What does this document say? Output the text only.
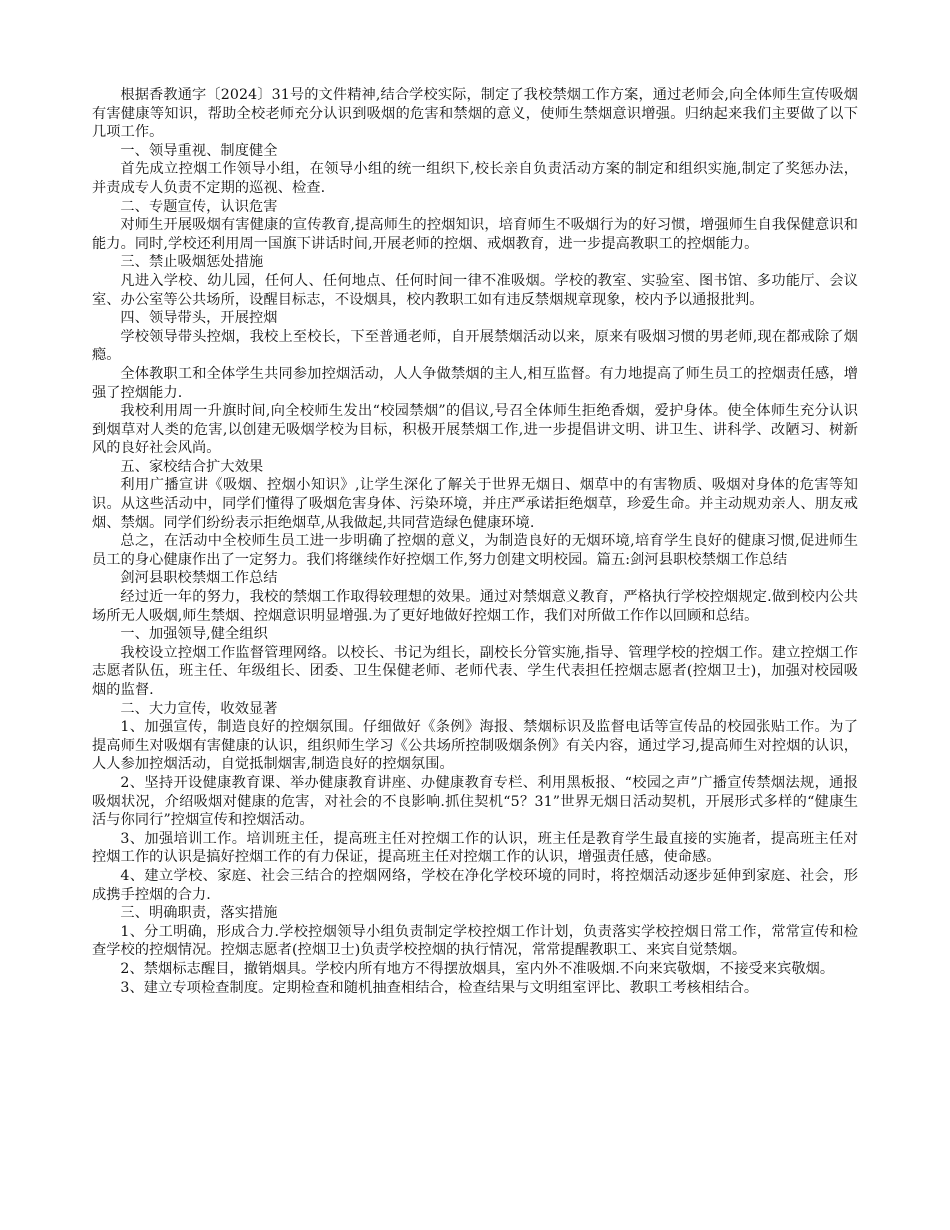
根据香教通字〔2024〕31号的文件精神,结合学校实际，制定了我校禁烟工作方案，通过老师会,向全体师生宣传吸烟有害健康等知识，帮助全校老师充分认识到吸烟的危害和禁烟的意义，使师生禁烟意识增强。归纳起来我们主要做了以下几项工作。

一、领导重视、制度健全

首先成立控烟工作领导小组，在领导小组的统一组织下,校长亲自负责活动方案的制定和组织实施,制定了奖惩办法，并责成专人负责不定期的巡视、检查.

二、专题宣传，认识危害

对师生开展吸烟有害健康的宣传教育,提高师生的控烟知识，培育师生不吸烟行为的好习惯，增强师生自我保健意识和能力。同时,学校还利用周一国旗下讲话时间,开展老师的控烟、戒烟教育，进一步提高教职工的控烟能力。

三、禁止吸烟惩处措施

凡进入学校、幼儿园，任何人、任何地点、任何时间一律不准吸烟。学校的教室、实验室、图书馆、多功能厅、会议室、办公室等公共场所，设醒目标志，不设烟具，校内教职工如有违反禁烟规章现象，校内予以通报批判。

四、领导带头，开展控烟

学校领导带头控烟，我校上至校长，下至普通老师，自开展禁烟活动以来，原来有吸烟习惯的男老师,现在都戒除了烟瘾。

全体教职工和全体学生共同参加控烟活动，人人争做禁烟的主人,相互监督。有力地提高了师生员工的控烟责任感，增强了控烟能力.

我校利用周一升旗时间,向全校师生发出“校园禁烟”的倡议,号召全体师生拒绝香烟，爱护身体。使全体师生充分认识到烟草对人类的危害,以创建无吸烟学校为目标，积极开展禁烟工作,进一步提倡讲文明、讲卫生、讲科学、改陋习、树新风的良好社会风尚。

五、家校结合扩大效果

利用广播宣讲《吸烟、控烟小知识》,让学生深化了解关于世界无烟日、烟草中的有害物质、吸烟对身体的危害等知识。从这些活动中，同学们懂得了吸烟危害身体、污染环境，并庄严承诺拒绝烟草，珍爱生命。并主动规劝亲人、朋友戒烟、禁烟。同学们纷纷表示拒绝烟草,从我做起,共同营造绿色健康环境.

总之，在活动中全校师生员工进一步明确了控烟的意义，为制造良好的无烟环境,培育学生良好的健康习惯,促进师生员工的身心健康作出了一定努力。我们将继续作好控烟工作,努力创建文明校园。篇五:剑河县职校禁烟工作总结

剑河县职校禁烟工作总结

经过近一年的努力，我校的禁烟工作取得较理想的效果。通过对禁烟意义教育，严格执行学校控烟规定.做到校内公共场所无人吸烟,师生禁烟、控烟意识明显增强.为了更好地做好控烟工作，我们对所做工作作以回顾和总结。

一、加强领导,健全组织

我校设立控烟工作监督管理网络。以校长、书记为组长，副校长分管实施,指导、管理学校的控烟工作。建立控烟工作志愿者队伍，班主任、年级组长、团委、卫生保健老师、老师代表、学生代表担任控烟志愿者(控烟卫士)，加强对校园吸烟的监督.

二、大力宣传，收效显著

1、加强宣传，制造良好的控烟氛围。仔细做好《条例》海报、禁烟标识及监督电话等宣传品的校园张贴工作。为了提高师生对吸烟有害健康的认识，组织师生学习《公共场所控制吸烟条例》有关内容，通过学习,提高师生对控烟的认识，人人参加控烟活动，自觉抵制烟害,制造良好的控烟氛围。

2、坚持开设健康教育课、举办健康教育讲座、办健康教育专栏、利用黑板报、“校园之声”广播宣传禁烟法规，通报吸烟状况，介绍吸烟对健康的危害，对社会的不良影响.抓住契机“5？31”世界无烟日活动契机，开展形式多样的“健康生活与你同行”控烟宣传和控烟活动。

3、加强培训工作。培训班主任，提高班主任对控烟工作的认识，班主任是教育学生最直接的实施者，提高班主任对控烟工作的认识是搞好控烟工作的有力保证，提高班主任对控烟工作的认识，增强责任感，使命感。

4、建立学校、家庭、社会三结合的控烟网络，学校在净化学校环境的同时，将控烟活动逐步延伸到家庭、社会，形成携手控烟的合力.

三、明确职责，落实措施

1、分工明确，形成合力.学校控烟领导小组负责制定学校控烟工作计划，负责落实学校控烟日常工作，常常宣传和检查学校的控烟情况。控烟志愿者(控烟卫士)负责学校控烟的执行情况，常常提醒教职工、来宾自觉禁烟。

2、禁烟标志醒目，撤销烟具。学校内所有地方不得摆放烟具，室内外不准吸烟.不向来宾敬烟，不接受来宾敬烟。

3、建立专项检查制度。定期检查和随机抽查相结合，检查结果与文明组室评比、教职工考核相结合。
